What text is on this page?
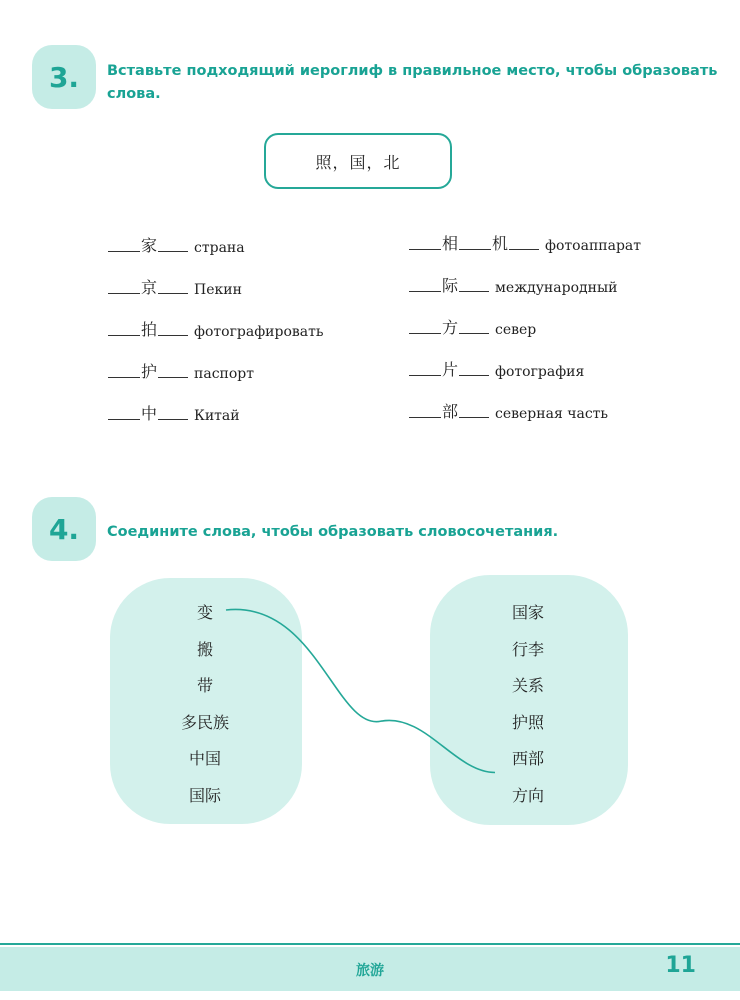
3.	Вставьте подходящий иероглиф в правильное место, чтобы образовать
слова.
照，国，北
家	страна
京	Пекин
拍	фотографировать
护	паспорт
中	Китай
相 机	фотоаппарат
际	международный
方	север
片	фотография
部	северная часть
4.	Соедините слова, чтобы образовать словосочетания.
变
搬
带
多民族
中国
国际
国家
行李
关系
护照
西部
方向
旅游	11
